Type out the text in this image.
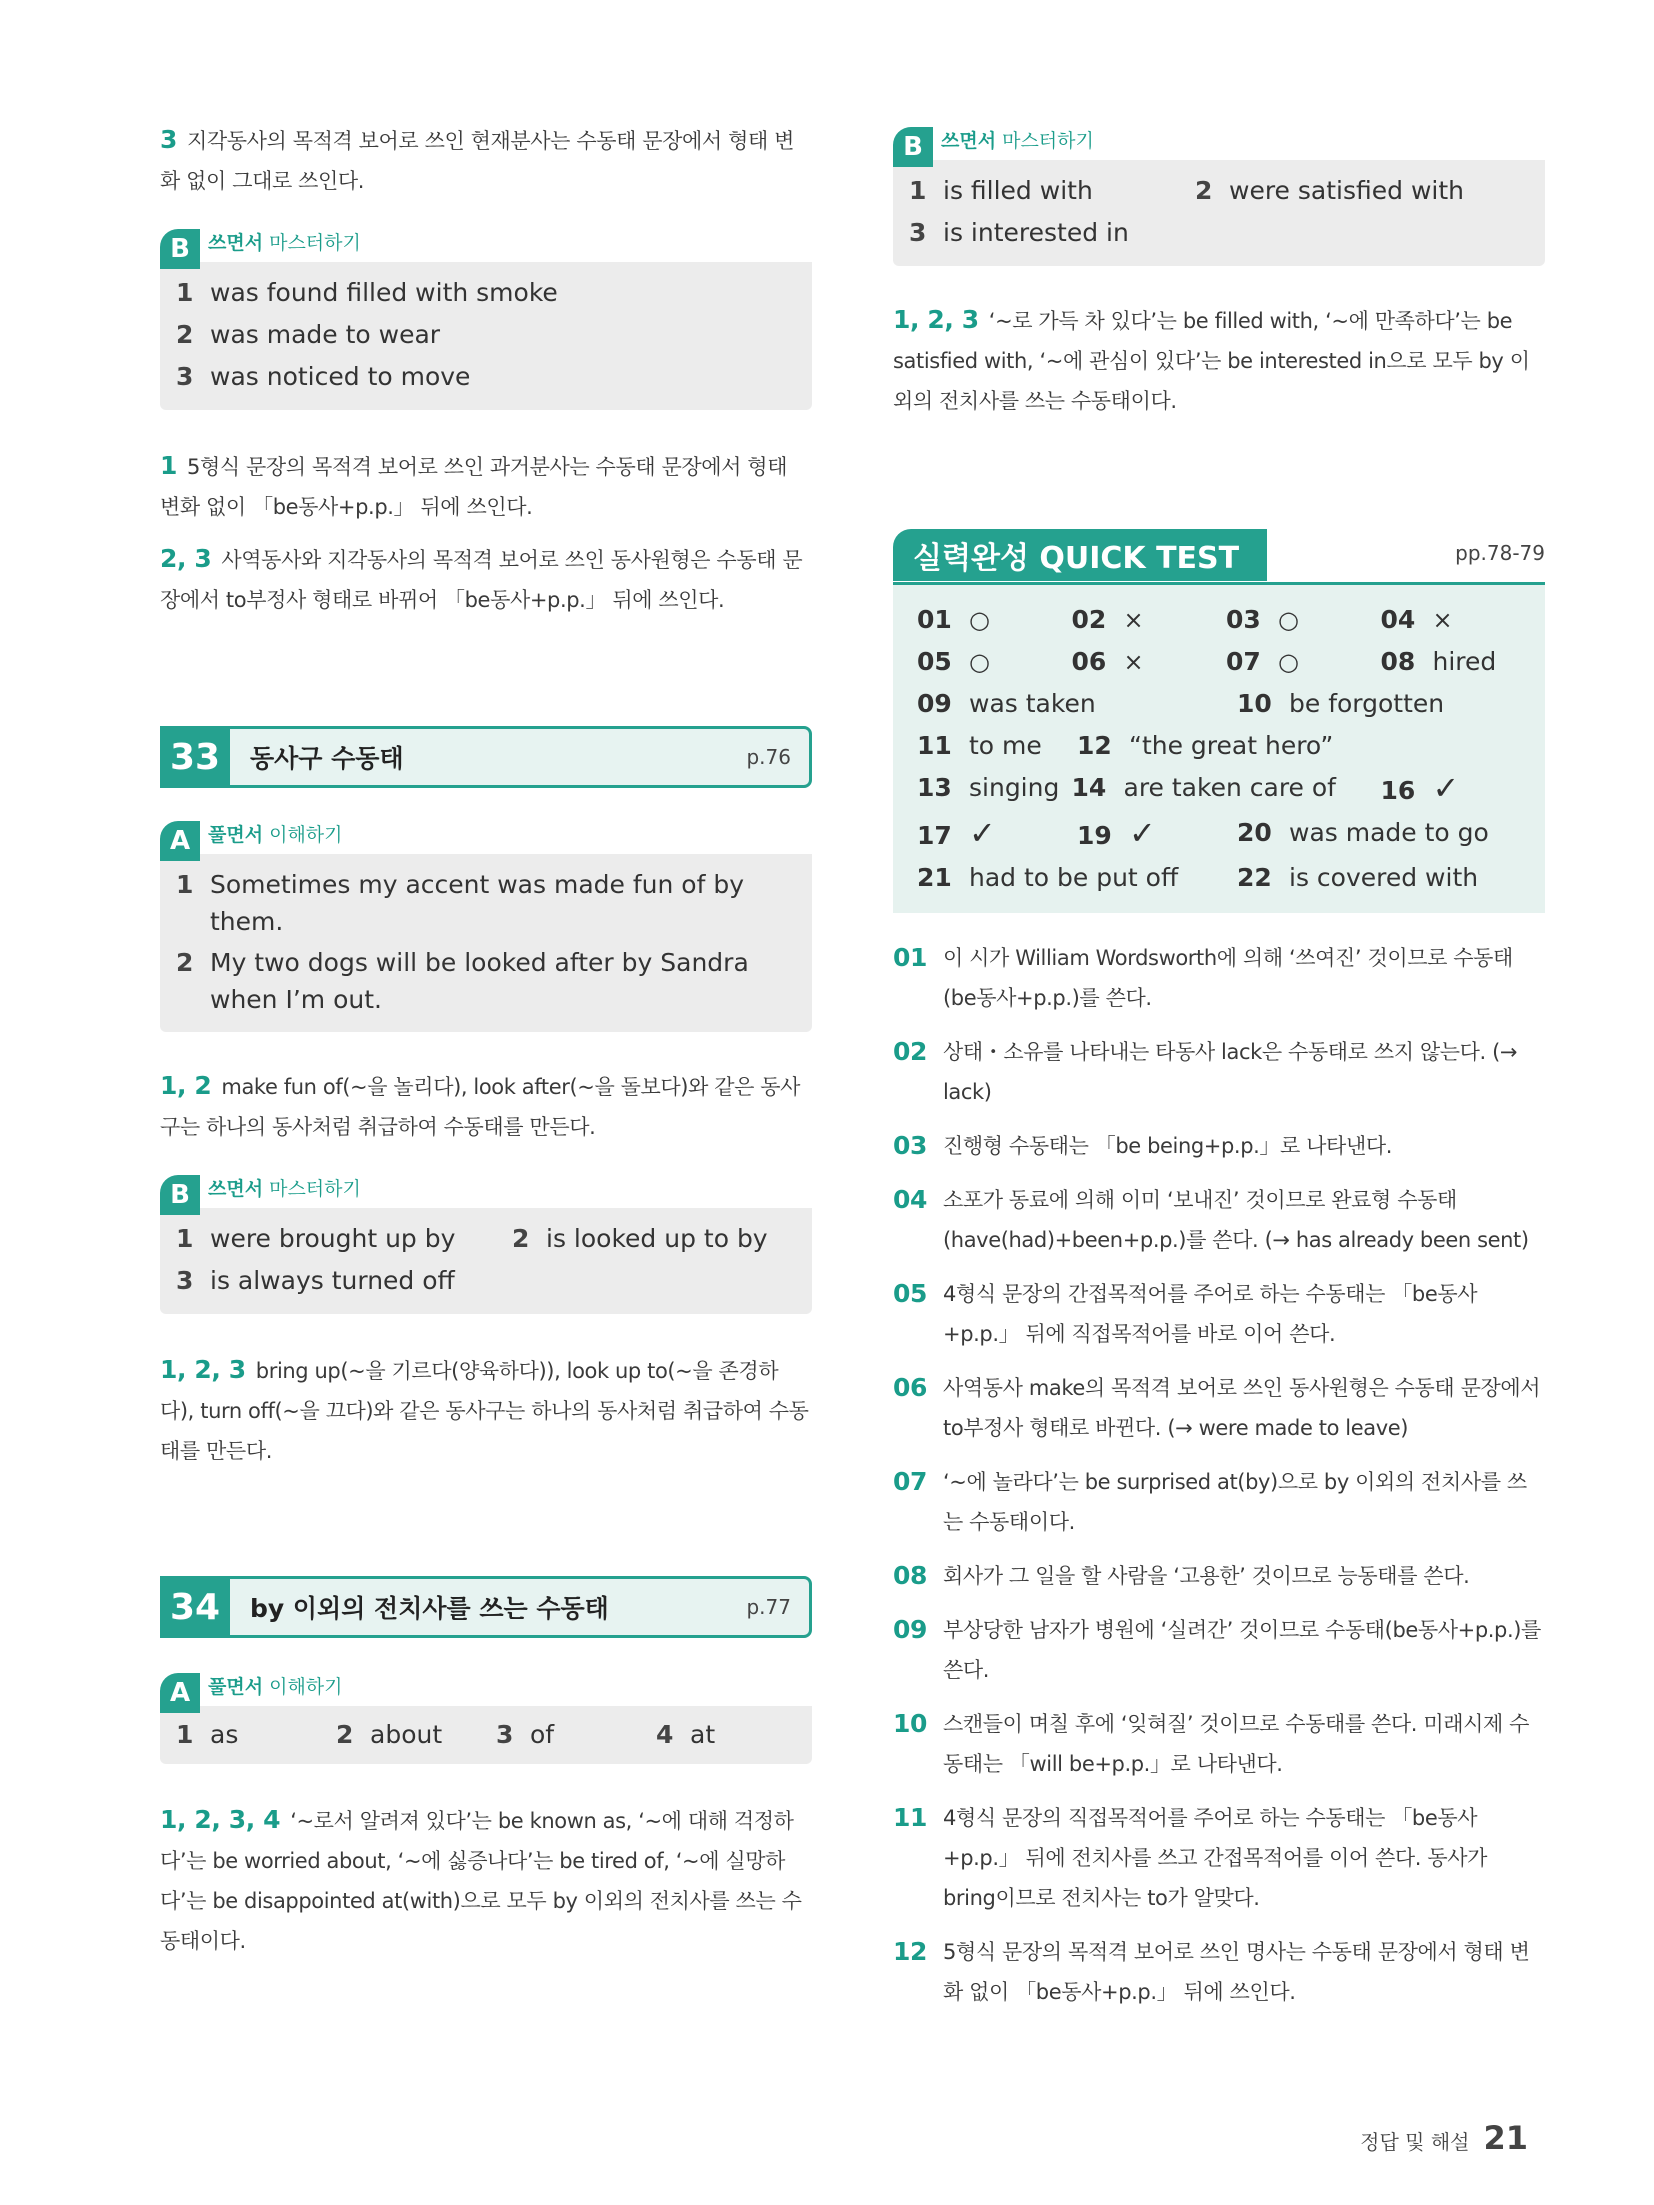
3 지각동사의 목적격 보어로 쓰인 현재분사는 수동태 문장에서 형태 변화 없이 그대로 쓰인다.

B 쓰면서 마스터하기
1 was found filled with smoke
2 was made to wear
3 was noticed to move

1 5형식 문장의 목적격 보어로 쓰인 과거분사는 수동태 문장에서 형태 변화 없이 「be동사+p.p.」 뒤에 쓰인다.

2, 3 사역동사와 지각동사의 목적격 보어로 쓰인 동사원형은 수동태 문장에서 to부정사 형태로 바뀌어 「be동사+p.p.」 뒤에 쓰인다.

33	동사구 수동태	p.76
A 풀면서 이해하기
1 Sometimes my accent was made fun of by
them.
2 My two dogs will be looked after by Sandra
when I’m out.

1, 2 make fun of(~을 놀리다), look after(~을 돌보다)와 같은 동사구는 하나의 동사처럼 취급하여 수동태를 만든다.

B 쓰면서 마스터하기
1 were brought up by 2 is looked up to by
3 is always turned off

1, 2, 3 bring up(~을 기르다(양육하다)), look up to(~을 존경하다), turn off(~을 끄다)와 같은 동사구는 하나의 동사처럼 취급하여 수동태를 만든다.

34	by 이외의 전치사를 쓰는 수동태	p.77
A 풀면서 이해하기
1 as	2 about 3 of	4 at

1, 2, 3, 4 ‘~로서 알려져 있다’는 be known as, ‘~에 대해 걱정하다’는 be worried about, ‘~에 싫증나다’는 be tired of, ‘~에 실망하다’는 be disappointed at(with)으로 모두 by 이외의 전치사를 쓰는 수동태이다.

B 쓰면서 마스터하기
1 is filled with	2 were satisfied with
3 is interested in

1, 2, 3 ‘~로 가득 차 있다’는 be filled with, ‘~에 만족하다’는 be satisfied with, ‘~에 관심이 있다’는 be interested in으로 모두 by 이외의 전치사를 쓰는 수동태이다.

실력완성 QUICK TEST	pp.78-79
01 ○	02 ×	03 ○	04 ×
05 ○	06 ×	07 ○	08 hired
09 was taken	10 be forgotten
11 to me	12 “the great hero”
13 singing 14 are taken care of	16 ✓
17 ✓	19 ✓	20 was made to go
21 had to be put off	22 is covered with

01 이 시가 William Wordsworth에 의해 ‘쓰여진’ 것이므로 수동태(be동사+p.p.)를 쓴다.

02 상태・소유를 나타내는 타동사 lack은 수동태로 쓰지 않는다. (→ lack)

03 진행형 수동태는 「be being+p.p.」로 나타낸다.

04 소포가 동료에 의해 이미 ‘보내진’ 것이므로 완료형 수동태(have(had)+been+p.p.)를 쓴다. (→ has already been sent)

05 4형식 문장의 간접목적어를 주어로 하는 수동태는 「be동사+p.p.」 뒤에 직접목적어를 바로 이어 쓴다.

06 사역동사 make의 목적격 보어로 쓰인 동사원형은 수동태 문장에서 to부정사 형태로 바뀐다. (→ were made to leave)

07 ‘~에 놀라다’는 be surprised at(by)으로 by 이외의 전치사를 쓰는 수동태이다.

08 회사가 그 일을 할 사람을 ‘고용한’ 것이므로 능동태를 쓴다.

09 부상당한 남자가 병원에 ‘실려간’ 것이므로 수동태(be동사+p.p.)를 쓴다.

10 스캔들이 며칠 후에 ‘잊혀질’ 것이므로 수동태를 쓴다. 미래시제 수동태는 「will be+p.p.」로 나타낸다.

11 4형식 문장의 직접목적어를 주어로 하는 수동태는 「be동사+p.p.」 뒤에 전치사를 쓰고 간접목적어를 이어 쓴다. 동사가 bring이므로 전치사는 to가 알맞다.

12 5형식 문장의 목적격 보어로 쓰인 명사는 수동태 문장에서 형태 변화 없이 「be동사+p.p.」 뒤에 쓰인다.

정답 및 해설 21
